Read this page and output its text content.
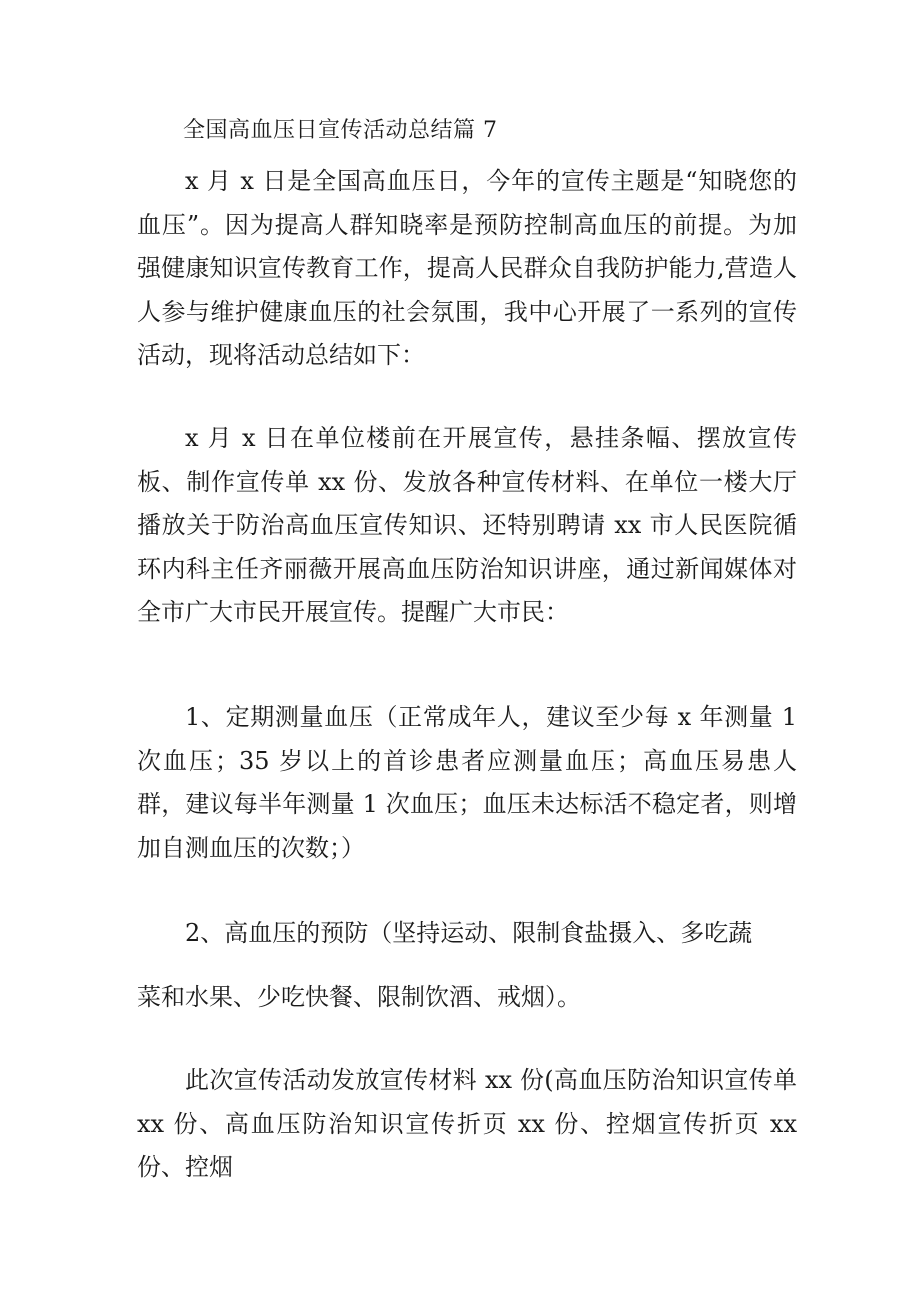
全国高血压日宣传活动总结篇 7

x 月 x 日是全国高血压日，今年的宣传主题是“知晓您的血压”。因为提高人群知晓率是预防控制高血压的前提。为加强健康知识宣传教育工作，提高人民群众自我防护能力,营造人人参与维护健康血压的社会氛围，我中心开展了一系列的宣传活动，现将活动总结如下：

x 月 x 日在单位楼前在开展宣传，悬挂条幅、摆放宣传板、制作宣传单 xx 份、发放各种宣传材料、在单位一楼大厅播放关于防治高血压宣传知识、还特别聘请 xx 市人民医院循环内科主任齐丽薇开展高血压防治知识讲座，通过新闻媒体对全市广大市民开展宣传。提醒广大市民：

1、定期测量血压（正常成年人，建议至少每 x 年测量 1 次血压；35 岁以上的首诊患者应测量血压；高血压易患人群，建议每半年测量 1 次血压；血压未达标活不稳定者，则增加自测血压的次数；）

2、高血压的预防（坚持运动、限制食盐摄入、多吃蔬

菜和水果、少吃快餐、限制饮酒、戒烟）。

此次宣传活动发放宣传材料 xx 份(高血压防治知识宣传单 xx 份、高血压防治知识宣传折页 xx 份、控烟宣传折页 xx 份、控烟
